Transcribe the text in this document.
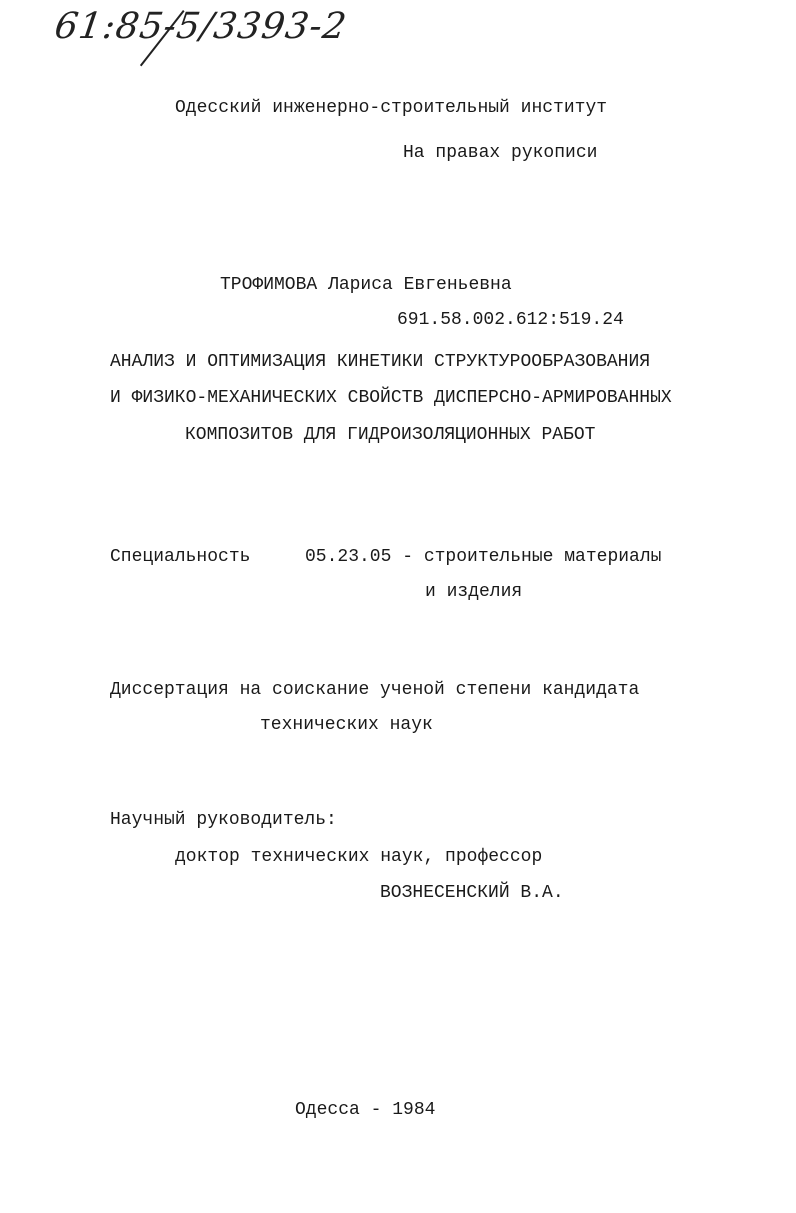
61:85-5/3393-2
Одесский инженерно-строительный институт
На правах рукописи
ТРОФИМОВА Лариса Евгеньевна
691.58.002.612:519.24
АНАЛИЗ И ОПТИМИЗАЦИЯ КИНЕТИКИ СТРУКТУРООБРАЗОВАНИЯ
И ФИЗИКО-МЕХАНИЧЕСКИХ СВОЙСТВ ДИСПЕРСНО-АРМИРОВАННЫХ
КОМПОЗИТОВ ДЛЯ ГИДРОИЗОЛЯЦИОННЫХ РАБОТ
Специальность	05.23.05 - строительные материалы
и изделия
Диссертация на соискание ученой степени кандидата
технических наук
Научный руководитель:
доктор технических наук, профессор
ВОЗНЕСЕНСКИЙ В.А.
Одесса - 1984
